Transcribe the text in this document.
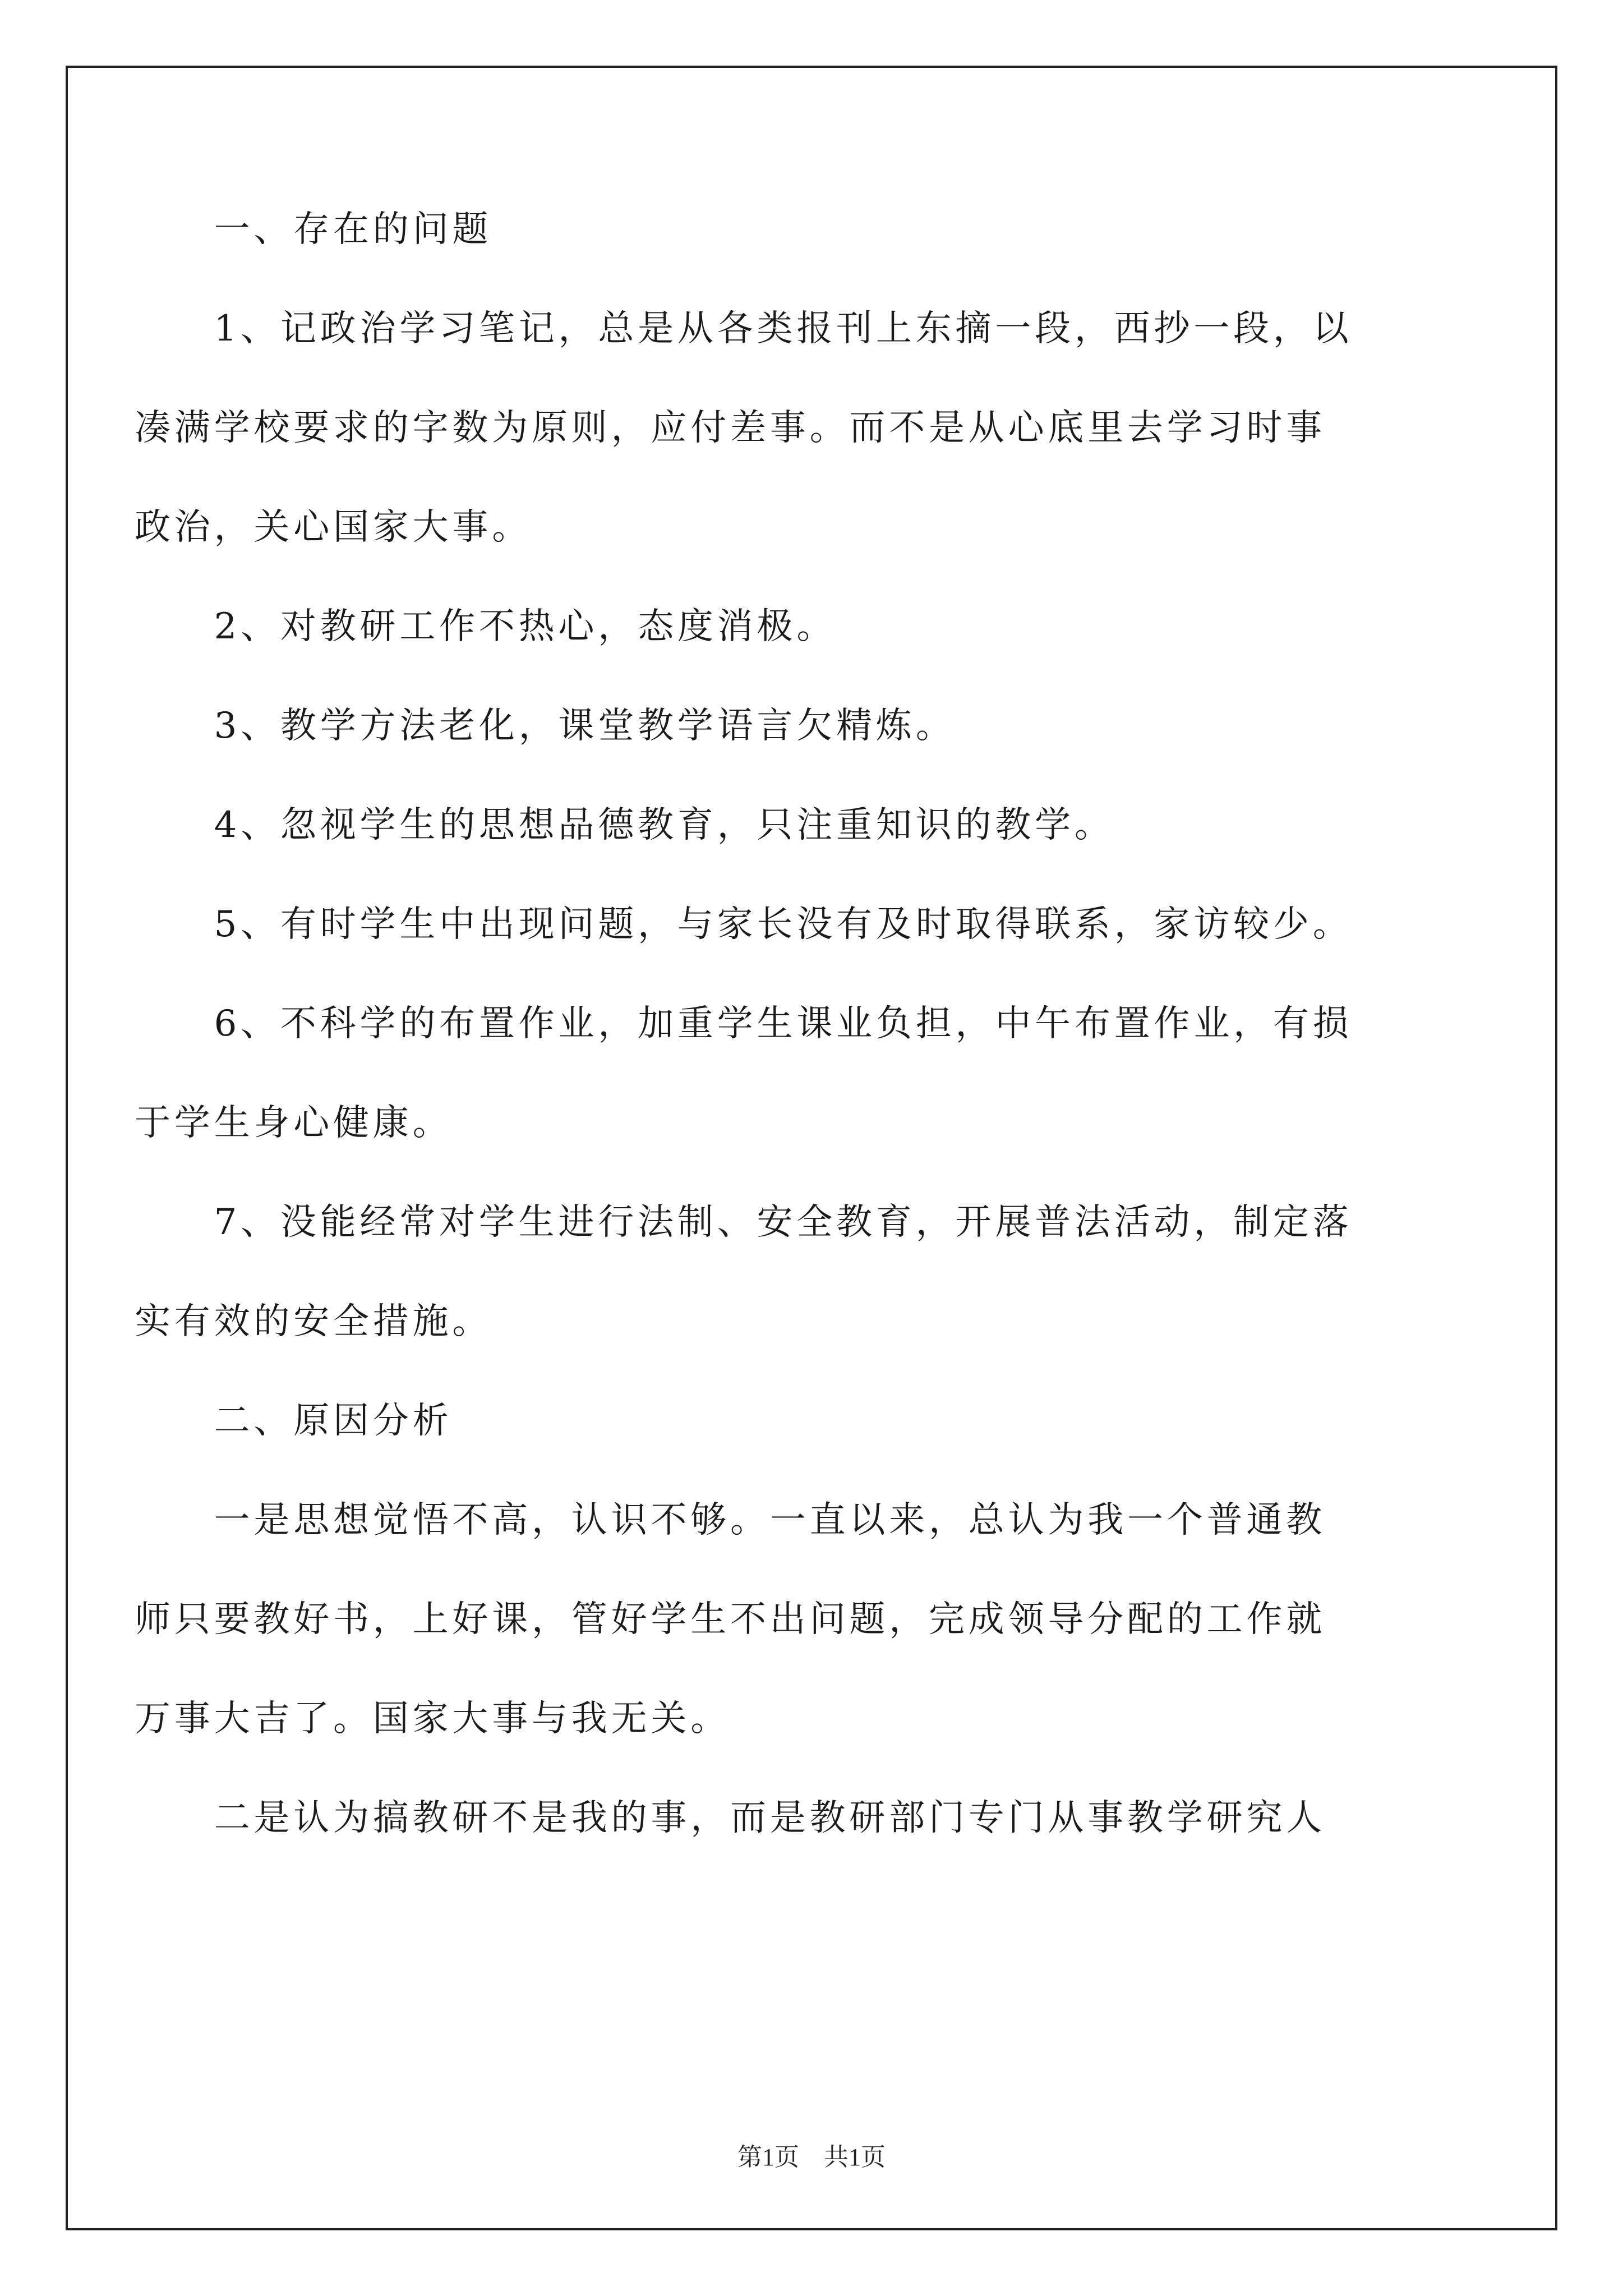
　　一、存在的问题
　　1、记政治学习笔记，总是从各类报刊上东摘一段，西抄一段，以
凑满学校要求的字数为原则，应付差事。而不是从心底里去学习时事
政治，关心国家大事。
　　2、对教研工作不热心，态度消极。
　　3、教学方法老化，课堂教学语言欠精炼。
　　4、忽视学生的思想品德教育，只注重知识的教学。
　　5、有时学生中出现问题，与家长没有及时取得联系，家访较少。
　　6、不科学的布置作业，加重学生课业负担，中午布置作业，有损
于学生身心健康。
　　7、没能经常对学生进行法制、安全教育，开展普法活动，制定落
实有效的安全措施。
　　二、原因分析
　　一是思想觉悟不高，认识不够。一直以来，总认为我一个普通教
师只要教好书，上好课，管好学生不出问题，完成领导分配的工作就
万事大吉了。国家大事与我无关。
　　二是认为搞教研不是我的事，而是教研部门专门从事教学研究人
第1页　共1页
